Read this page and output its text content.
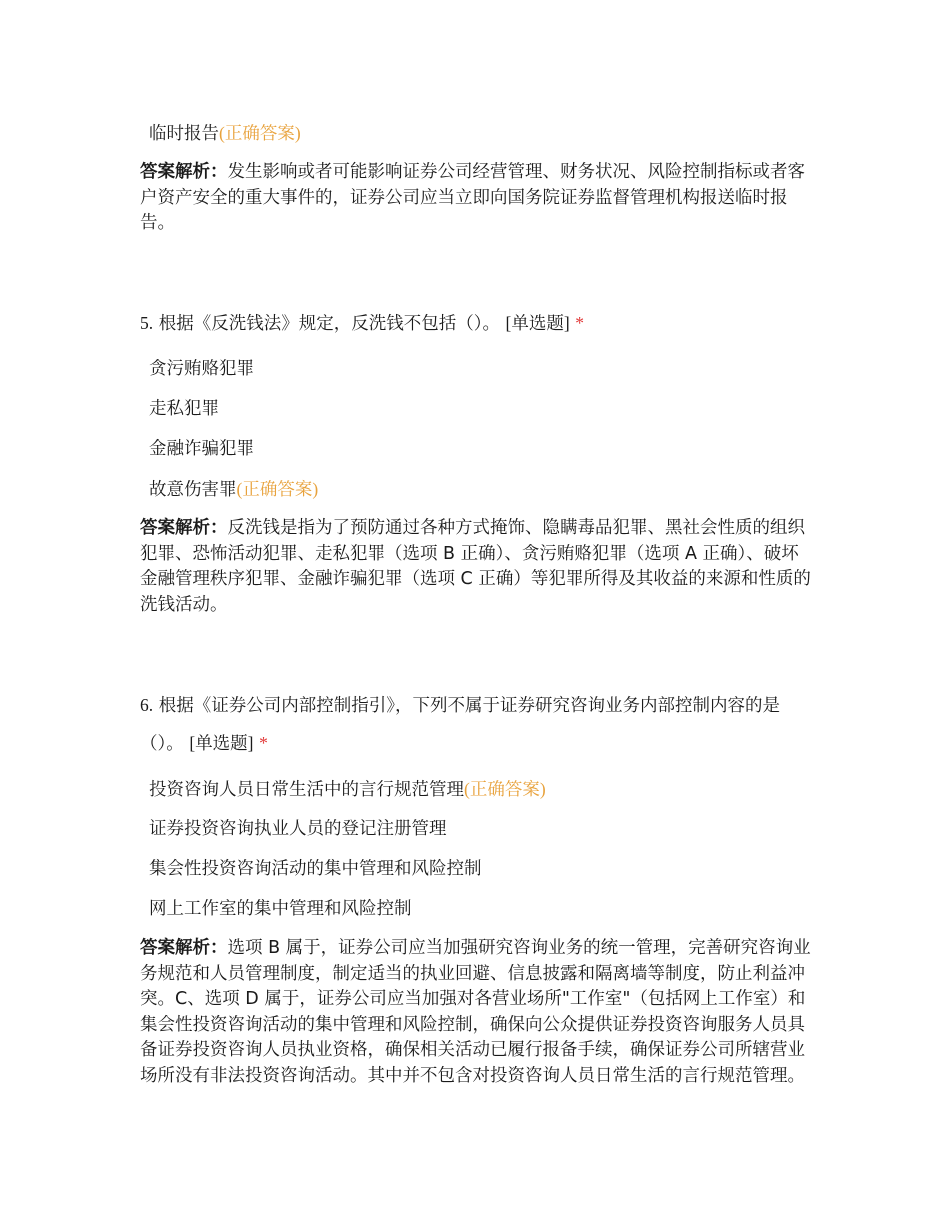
临时报告(正确答案)
答案解析：发生影响或者可能影响证券公司经营管理、财务状况、风险控制指标或者客户资产安全的重大事件的，证券公司应当立即向国务院证券监督管理机构报送临时报告。
5. 根据《反洗钱法》规定，反洗钱不包括（）。 [单选题] *
贪污贿赂犯罪
走私犯罪
金融诈骗犯罪
故意伤害罪(正确答案)
答案解析：反洗钱是指为了预防通过各种方式掩饰、隐瞒毒品犯罪、黑社会性质的组织犯罪、恐怖活动犯罪、走私犯罪（选项 B 正确）、贪污贿赂犯罪（选项 A 正确）、破坏金融管理秩序犯罪、金融诈骗犯罪（选项 C 正确）等犯罪所得及其收益的来源和性质的洗钱活动。
6. 根据《证券公司内部控制指引》，下列不属于证券研究咨询业务内部控制内容的是（）。 [单选题] *
投资咨询人员日常生活中的言行规范管理(正确答案)
证券投资咨询执业人员的登记注册管理
集会性投资咨询活动的集中管理和风险控制
网上工作室的集中管理和风险控制
答案解析：选项 B 属于，证券公司应当加强研究咨询业务的统一管理，完善研究咨询业务规范和人员管理制度，制定适当的执业回避、信息披露和隔离墙等制度，防止利益冲突。C、选项 D 属于，证券公司应当加强对各营业场所"工作室"（包括网上工作室）和集会性投资咨询活动的集中管理和风险控制，确保向公众提供证券投资咨询服务人员具备证券投资咨询人员执业资格，确保相关活动已履行报备手续，确保证券公司所辖营业场所没有非法投资咨询活动。其中并不包含对投资咨询人员日常生活的言行规范管理。
